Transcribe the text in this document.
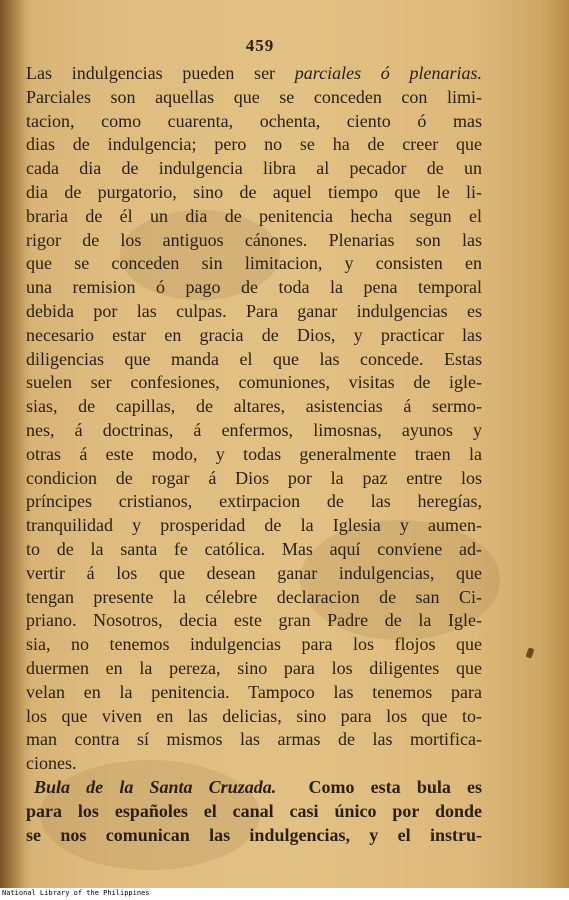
459
Las indulgencias pueden ser parciales ó plenarias.
Parciales son aquellas que se conceden con limi-
tacion, como cuarenta, ochenta, ciento ó mas
dias de indulgencia; pero no se ha de creer que
cada dia de indulgencia libra al pecador de un
dia de purgatorio, sino de aquel tiempo que le li-
braria de él un dia de penitencia hecha segun el
rigor de los antiguos cánones. Plenarias son las
que se conceden sin limitacion, y consisten en
una remision ó pago de toda la pena temporal
debida por las culpas. Para ganar indulgencias es
necesario estar en gracia de Dios, y practicar las
diligencias que manda el que las concede. Estas
suelen ser confesiones, comuniones, visitas de igle-
sias, de capillas, de altares, asistencias á sermo-
nes, á doctrinas, á enfermos, limosnas, ayunos y
otras á este modo, y todas generalmente traen la
condicion de rogar á Dios por la paz entre los
príncipes cristianos, extirpacion de las heregías,
tranquilidad y prosperidad de la Iglesia y aumen-
to de la santa fe católica. Mas aquí conviene ad-
vertir á los que desean ganar indulgencias, que
tengan presente la célebre declaracion de san Ci-
priano. Nosotros, decia este gran Padre de la Igle-
sia, no tenemos indulgencias para los flojos que
duermen en la pereza, sino para los diligentes que
velan en la penitencia. Tampoco las tenemos para
los que viven en las delicias, sino para los que to-
man contra sí mismos las armas de las mortifica-
ciones.
Bula de la Santa Cruzada.  Como esta bula es
para los españoles el canal casi único por donde
se nos comunican las indulgencias, y el instru-
National Library of the Philippines
